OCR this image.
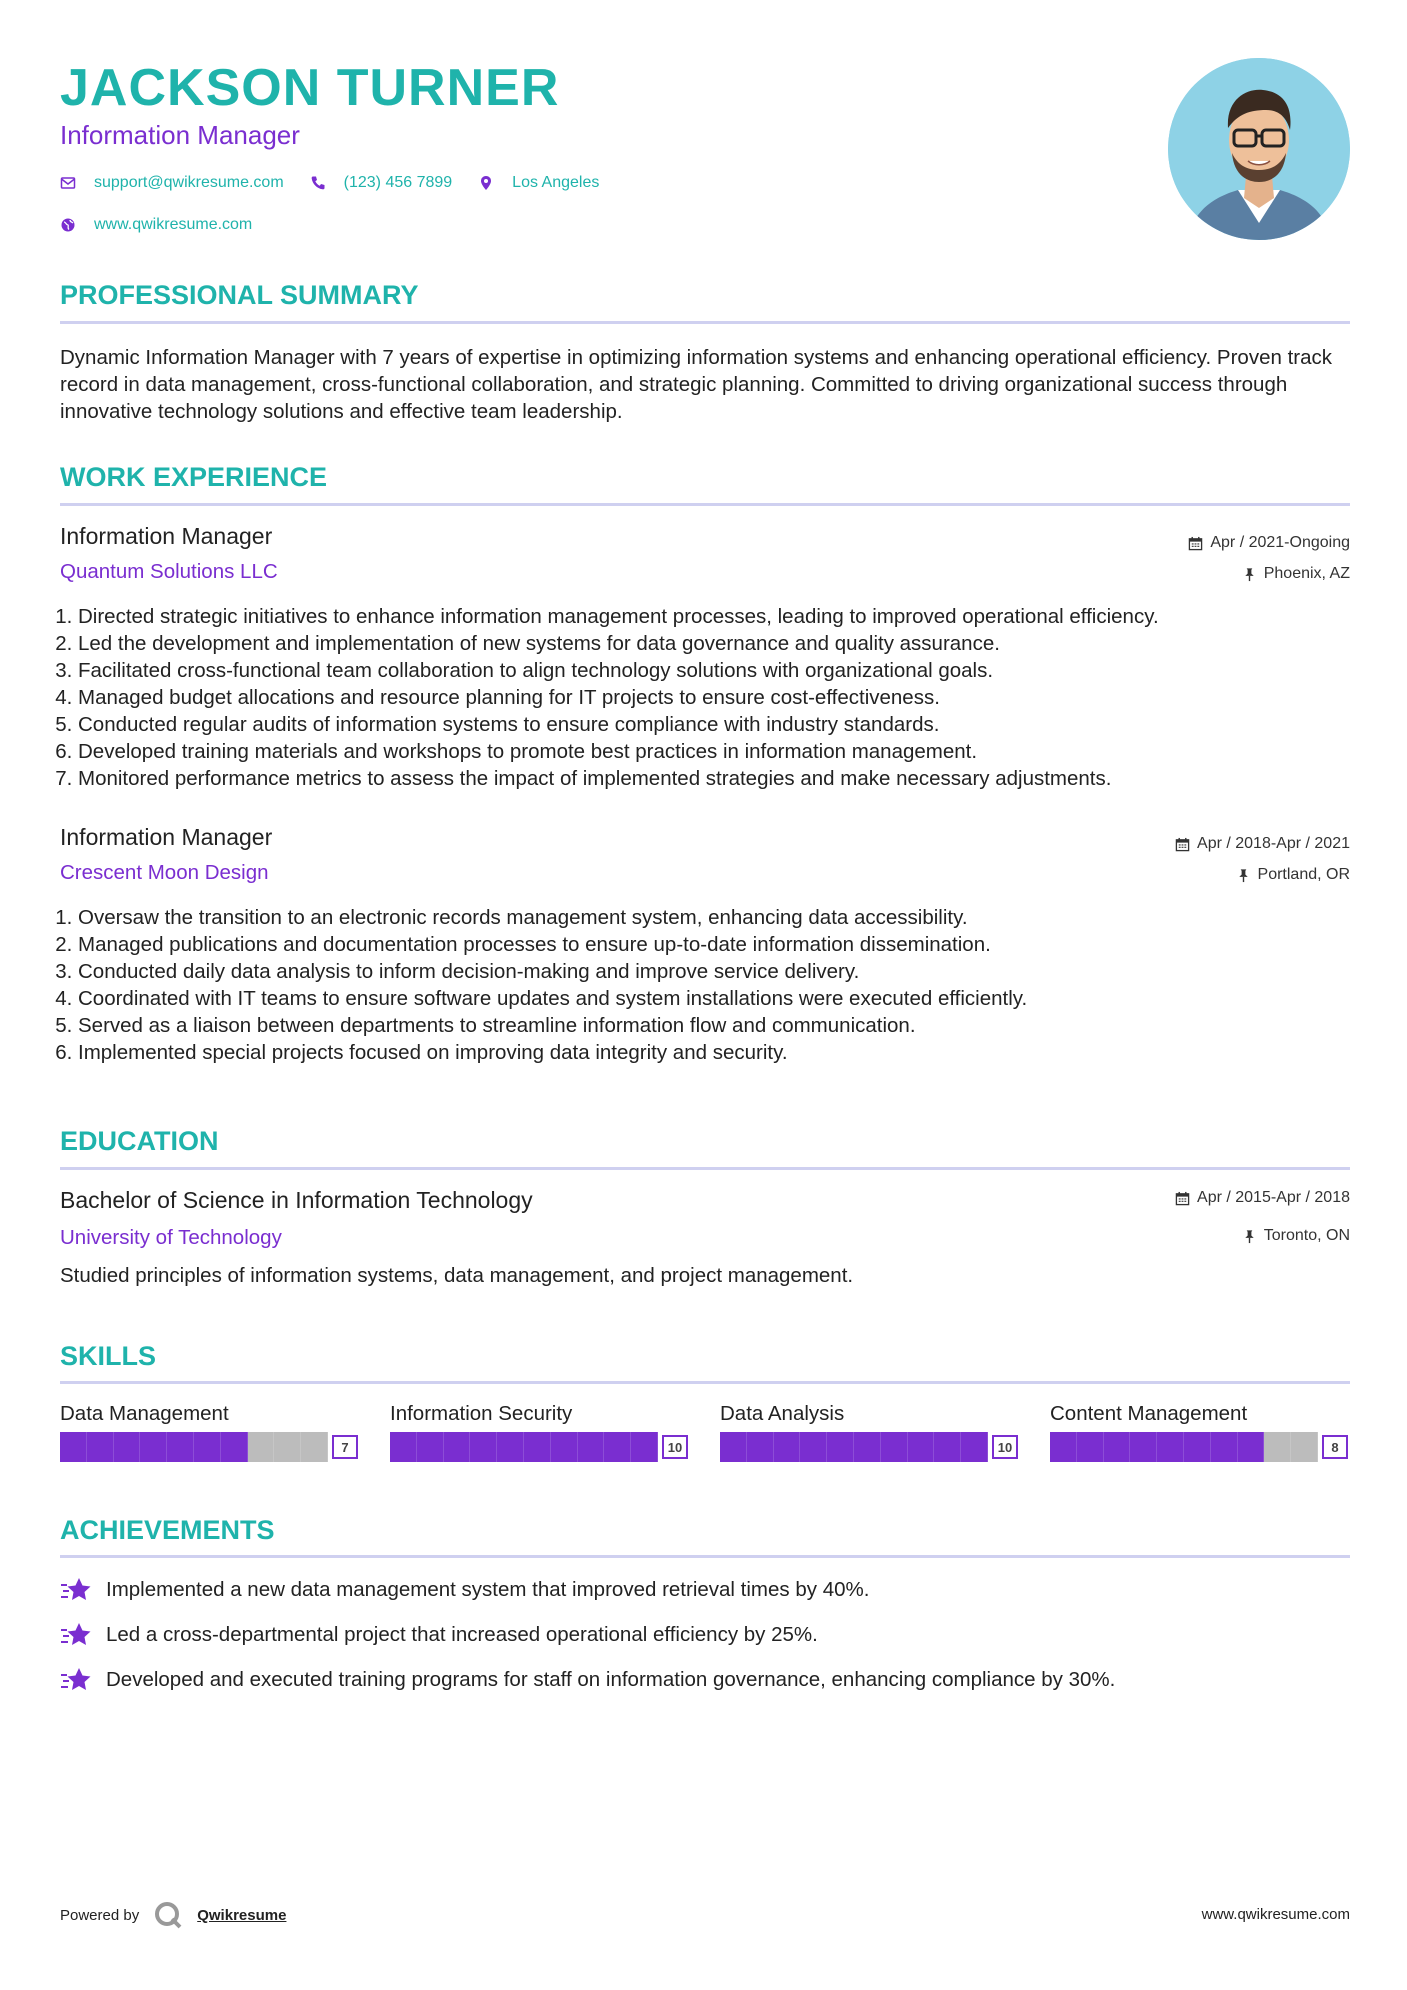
JACKSON TURNER
Information Manager
support@qwikresume.com	(123) 456 7899	Los Angeles
www.qwikresume.com
PROFESSIONAL SUMMARY
Dynamic Information Manager with 7 years of expertise in optimizing information systems and enhancing operational efficiency. Proven track record in data management, cross-functional collaboration, and strategic planning. Committed to driving organizational success through innovative technology solutions and effective team leadership.
WORK EXPERIENCE
Information Manager
Quantum Solutions LLC
Apr / 2021-Ongoing
Phoenix, AZ
1. Directed strategic initiatives to enhance information management processes, leading to improved operational efficiency.
2. Led the development and implementation of new systems for data governance and quality assurance.
3. Facilitated cross-functional team collaboration to align technology solutions with organizational goals.
4. Managed budget allocations and resource planning for IT projects to ensure cost-effectiveness.
5. Conducted regular audits of information systems to ensure compliance with industry standards.
6. Developed training materials and workshops to promote best practices in information management.
7. Monitored performance metrics to assess the impact of implemented strategies and make necessary adjustments.
Information Manager
Crescent Moon Design
Apr / 2018-Apr / 2021
Portland, OR
1. Oversaw the transition to an electronic records management system, enhancing data accessibility.
2. Managed publications and documentation processes to ensure up-to-date information dissemination.
3. Conducted daily data analysis to inform decision-making and improve service delivery.
4. Coordinated with IT teams to ensure software updates and system installations were executed efficiently.
5. Served as a liaison between departments to streamline information flow and communication.
6. Implemented special projects focused on improving data integrity and security.
EDUCATION
Bachelor of Science in Information Technology
University of Technology
Apr / 2015-Apr / 2018
Toronto, ON
Studied principles of information systems, data management, and project management.
SKILLS
Data Management
7
Information Security
10
Data Analysis
10
Content Management
8
ACHIEVEMENTS
Implemented a new data management system that improved retrieval times by 40%.
Led a cross-departmental project that increased operational efficiency by 25%.
Developed and executed training programs for staff on information governance, enhancing compliance by 30%.
Powered by	Qwikresume	www.qwikresume.com
